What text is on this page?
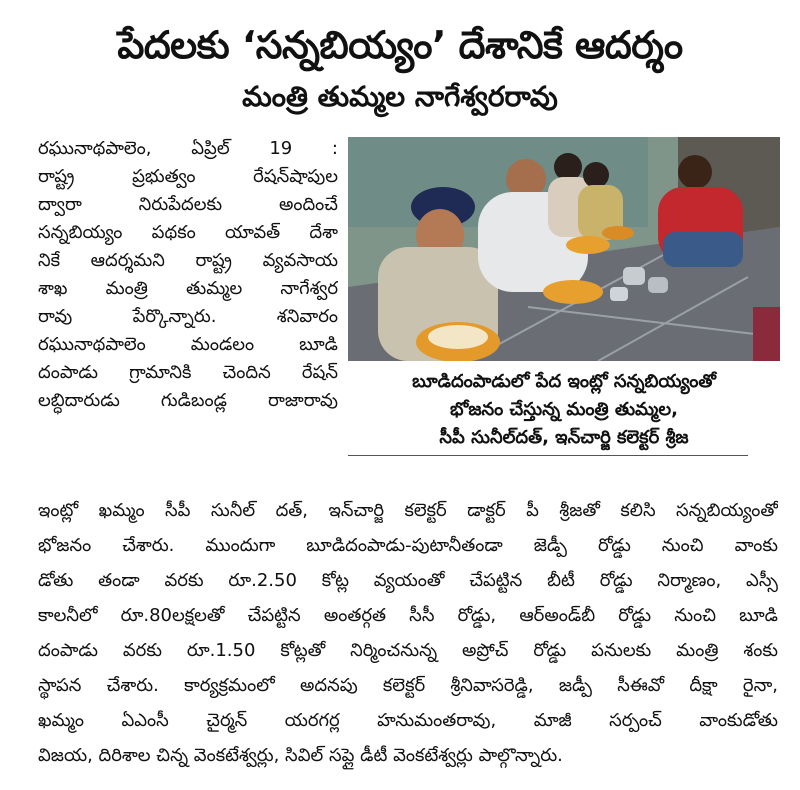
పేదలకు ‘సన్నబియ్యం’ దేశానికే ఆదర్శం
మంత్రి తుమ్మల నాగేశ్వరరావు
రఘునాథపాలెం, ఏప్రిల్ 19 :
రాష్ట్ర ప్రభుత్వం రేషన్‌షాపుల
ద్వారా నిరుపేదలకు అందించే
సన్నబియ్యం పథకం యావత్ దేశా
నికే ఆదర్శమని రాష్ట్ర వ్యవసాయ
శాఖ మంత్రి తుమ్మల నాగేశ్వర
రావు పేర్కొన్నారు. శనివారం
రఘునాథపాలెం మండలం బూడి
దంపాడు గ్రామానికి చెందిన రేషన్
లబ్ధిదారుడు గుడిబండ్ల రాజారావు
బూడిదంపాడులో పేద ఇంట్లో సన్నబియ్యంతో
భోజనం చేస్తున్న మంత్రి తుమ్మల,
సీపీ సునీల్‌దత్, ఇన్‌చార్జి కలెక్టర్ శ్రీజ
ఇంట్లో ఖమ్మం సీపీ సునీల్ దత్, ఇన్‌చార్జి కలెక్టర్ డాక్టర్ పీ శ్రీజతో కలిసి సన్నబియ్యంతో
భోజనం చేశారు. ముందుగా బూడిదంపాడు-పుటానీతండా జెడ్పీ రోడ్డు నుంచి వాంకు
డోతు తండా వరకు రూ.2.50 కోట్ల వ్యయంతో చేపట్టిన బీటీ రోడ్డు నిర్మాణం, ఎస్సీ
కాలనీలో రూ.80లక్షలతో చేపట్టిన అంతర్గత సీసీ రోడ్డు, ఆర్అండ్‌బీ రోడ్డు నుంచి బూడి
దంపాడు వరకు రూ.1.50 కోట్లతో నిర్మించనున్న అప్రోచ్ రోడ్డు పనులకు మంత్రి శంకు
స్థాపన చేశారు. కార్యక్రమంలో అదనపు కలెక్టర్ శ్రీనివాసరెడ్డి, జడ్పీ సీఈవో దీక్షా రైనా,
ఖమ్మం ఏఎంసీ చైర్మన్ యరగర్ల హనుమంతరావు, మాజీ సర్పంచ్ వాంకుడోతు
విజయ, దిరిశాల చిన్న వెంకటేశ్వర్లు, సివిల్ సప్లై డీటీ వెంకటేశ్వర్లు పాల్గొన్నారు.
